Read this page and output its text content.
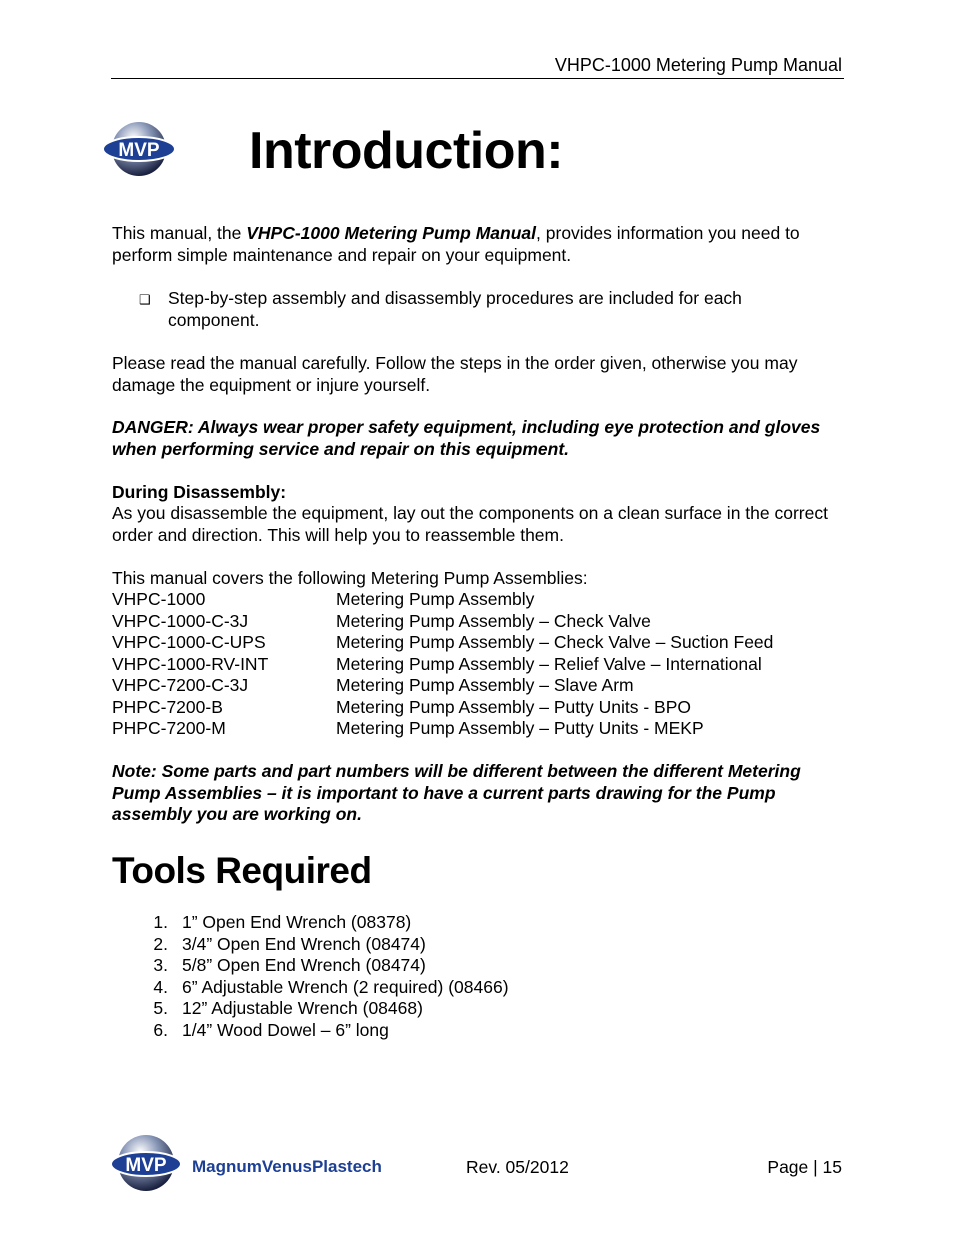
VHPC-1000 Metering Pump Manual
MVP Introduction:
This manual, the VHPC-1000 Metering Pump Manual, provides information you need to perform simple maintenance and repair on your equipment.
❑ Step-by-step assembly and disassembly procedures are included for each component.
Please read the manual carefully. Follow the steps in the order given, otherwise you may damage the equipment or injure yourself.
DANGER: Always wear proper safety equipment, including eye protection and gloves when performing service and repair on this equipment.
During Disassembly:
As you disassemble the equipment, lay out the components on a clean surface in the correct order and direction. This will help you to reassemble them.
This manual covers the following Metering Pump Assemblies:
VHPC-1000	Metering Pump Assembly
VHPC-1000-C-3J	Metering Pump Assembly – Check Valve
VHPC-1000-C-UPS	Metering Pump Assembly – Check Valve – Suction Feed
VHPC-1000-RV-INT	Metering Pump Assembly – Relief Valve – International
VHPC-7200-C-3J	Metering Pump Assembly – Slave Arm
PHPC-7200-B	Metering Pump Assembly – Putty Units - BPO
PHPC-7200-M	Metering Pump Assembly – Putty Units - MEKP
Note: Some parts and part numbers will be different between the different Metering Pump Assemblies – it is important to have a current parts drawing for the Pump assembly you are working on.
Tools Required
1. 1” Open End Wrench (08378)
2. 3/4” Open End Wrench (08474)
3. 5/8” Open End Wrench (08474)
4. 6” Adjustable Wrench (2 required) (08466)
5. 12” Adjustable Wrench (08468)
6. 1/4” Wood Dowel – 6” long
MVP MagnumVenusPlastech	Rev. 05/2012	Page | 15
